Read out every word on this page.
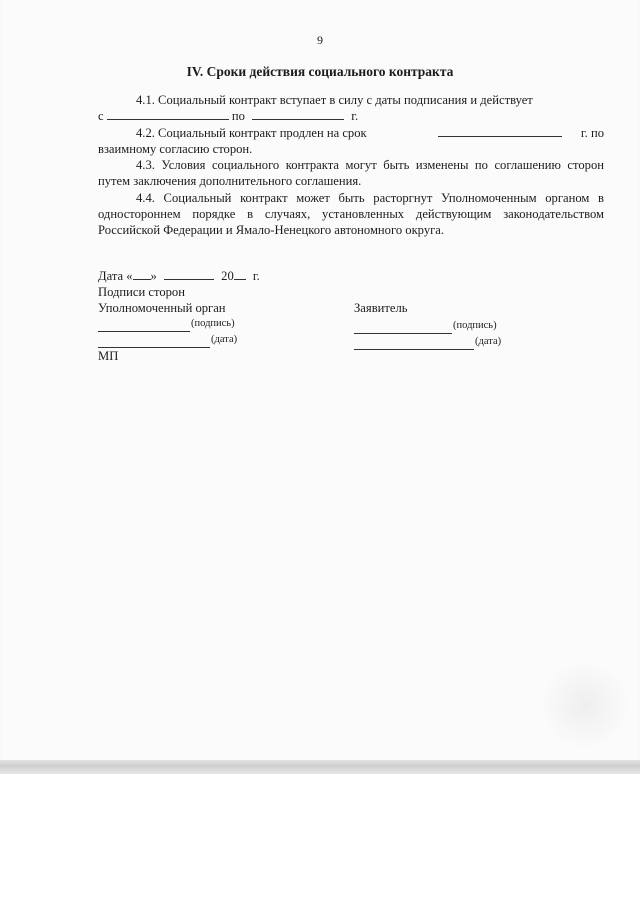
9
IV. Сроки действия социального контракта

4.1. Социальный контракт вступает в силу с даты подписания и действует

с	по	г.

4.2. Социальный контракт продлен на срок	г. по

взаимному согласию сторон.

4.3. Условия социального контракта могут быть изменены по соглашению сторон путем заключения дополнительного соглашения.

4.4. Социальный контракт может быть расторгнут Уполномоченным органом в одностороннем порядке в случаях, установленных действующим законодательством Российской Федерации и Ямало-Ненецкого автономного округа.

Дата « »	20 г.
Подписи сторон
Уполномоченный орган
(подпись)
(дата)
МП
Заявитель
(подпись)
(дата)
